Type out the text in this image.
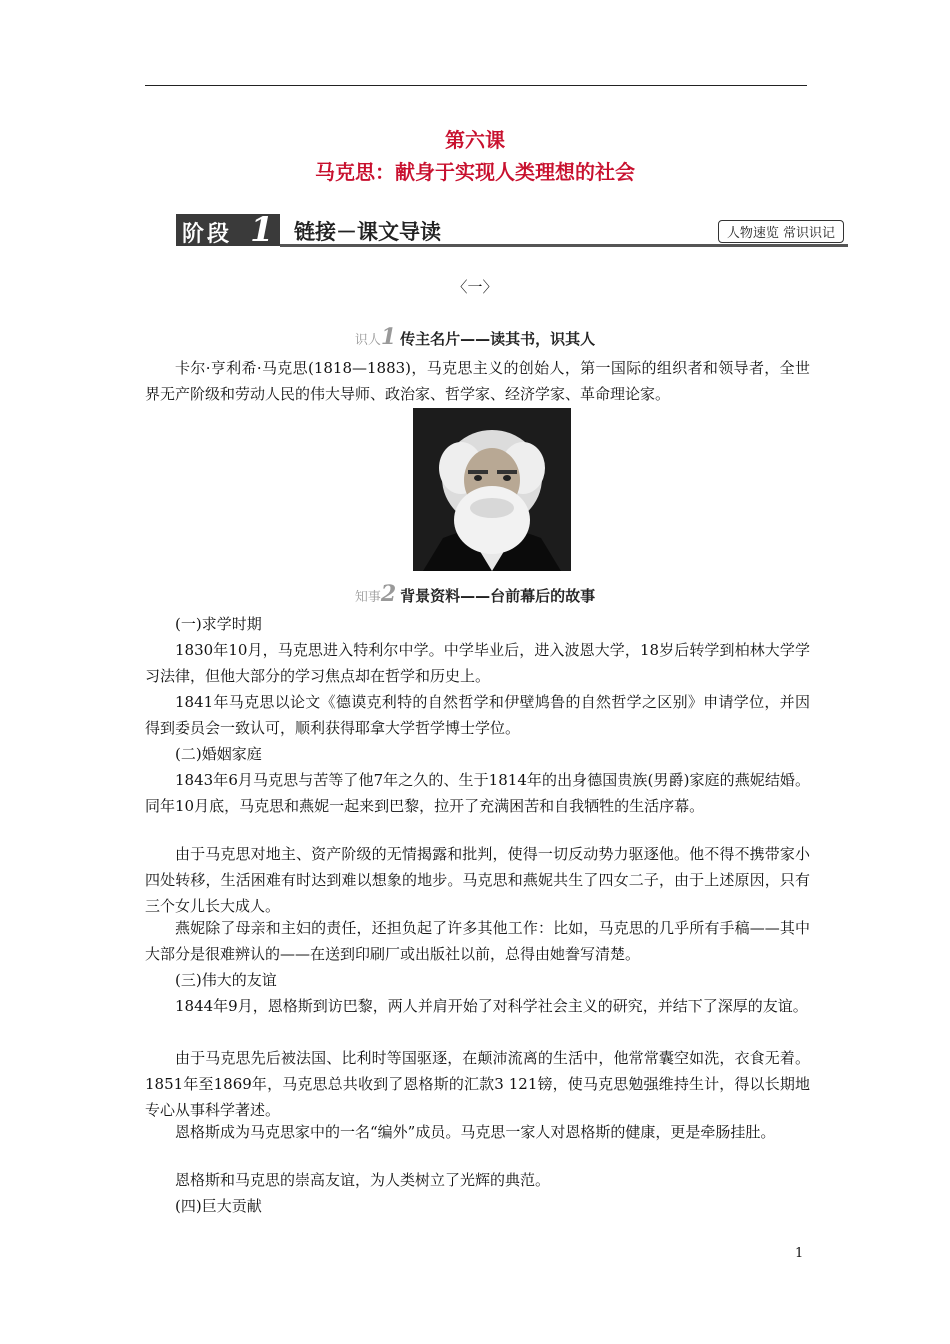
第六课
马克思：献身于实现人类理想的社会
阶段 1 链接－课文导读	人物速览 常识识记
〈一〉
识人1 传主名片——读其书，识其人

卡尔·亨利希·马克思(1818—1883)，马克思主义的创始人，第一国际的组织者和领导者，全世界无产阶级和劳动人民的伟大导师、政治家、哲学家、经济学家、革命理论家。

知事2 背景资料——台前幕后的故事

(一)求学时期

1830年10月，马克思进入特利尔中学。中学毕业后，进入波恩大学，18岁后转学到柏林大学学习法律，但他大部分的学习焦点却在哲学和历史上。

1841年马克思以论文《德谟克利特的自然哲学和伊壁鸠鲁的自然哲学之区别》申请学位，并因得到委员会一致认可，顺利获得耶拿大学哲学博士学位。

(二)婚姻家庭

1843年6月马克思与苦等了他7年之久的、生于1814年的出身德国贵族(男爵)家庭的燕妮结婚。同年10月底，马克思和燕妮一起来到巴黎，拉开了充满困苦和自我牺牲的生活序幕。

由于马克思对地主、资产阶级的无情揭露和批判，使得一切反动势力驱逐他。他不得不携带家小四处转移，生活困难有时达到难以想象的地步。马克思和燕妮共生了四女二子，由于上述原因，只有三个女儿长大成人。

燕妮除了母亲和主妇的责任，还担负起了许多其他工作：比如，马克思的几乎所有手稿——其中大部分是很难辨认的——在送到印刷厂或出版社以前，总得由她誊写清楚。

(三)伟大的友谊

1844年9月，恩格斯到访巴黎，两人并肩开始了对科学社会主义的研究，并结下了深厚的友谊。

由于马克思先后被法国、比利时等国驱逐，在颠沛流离的生活中，他常常囊空如洗，衣食无着。1851年至1869年，马克思总共收到了恩格斯的汇款3 121镑，使马克思勉强维持生计，得以长期地专心从事科学著述。

恩格斯成为马克思家中的一名“编外”成员。马克思一家人对恩格斯的健康，更是牵肠挂肚。

恩格斯和马克思的崇高友谊，为人类树立了光辉的典范。

(四)巨大贡献

1
